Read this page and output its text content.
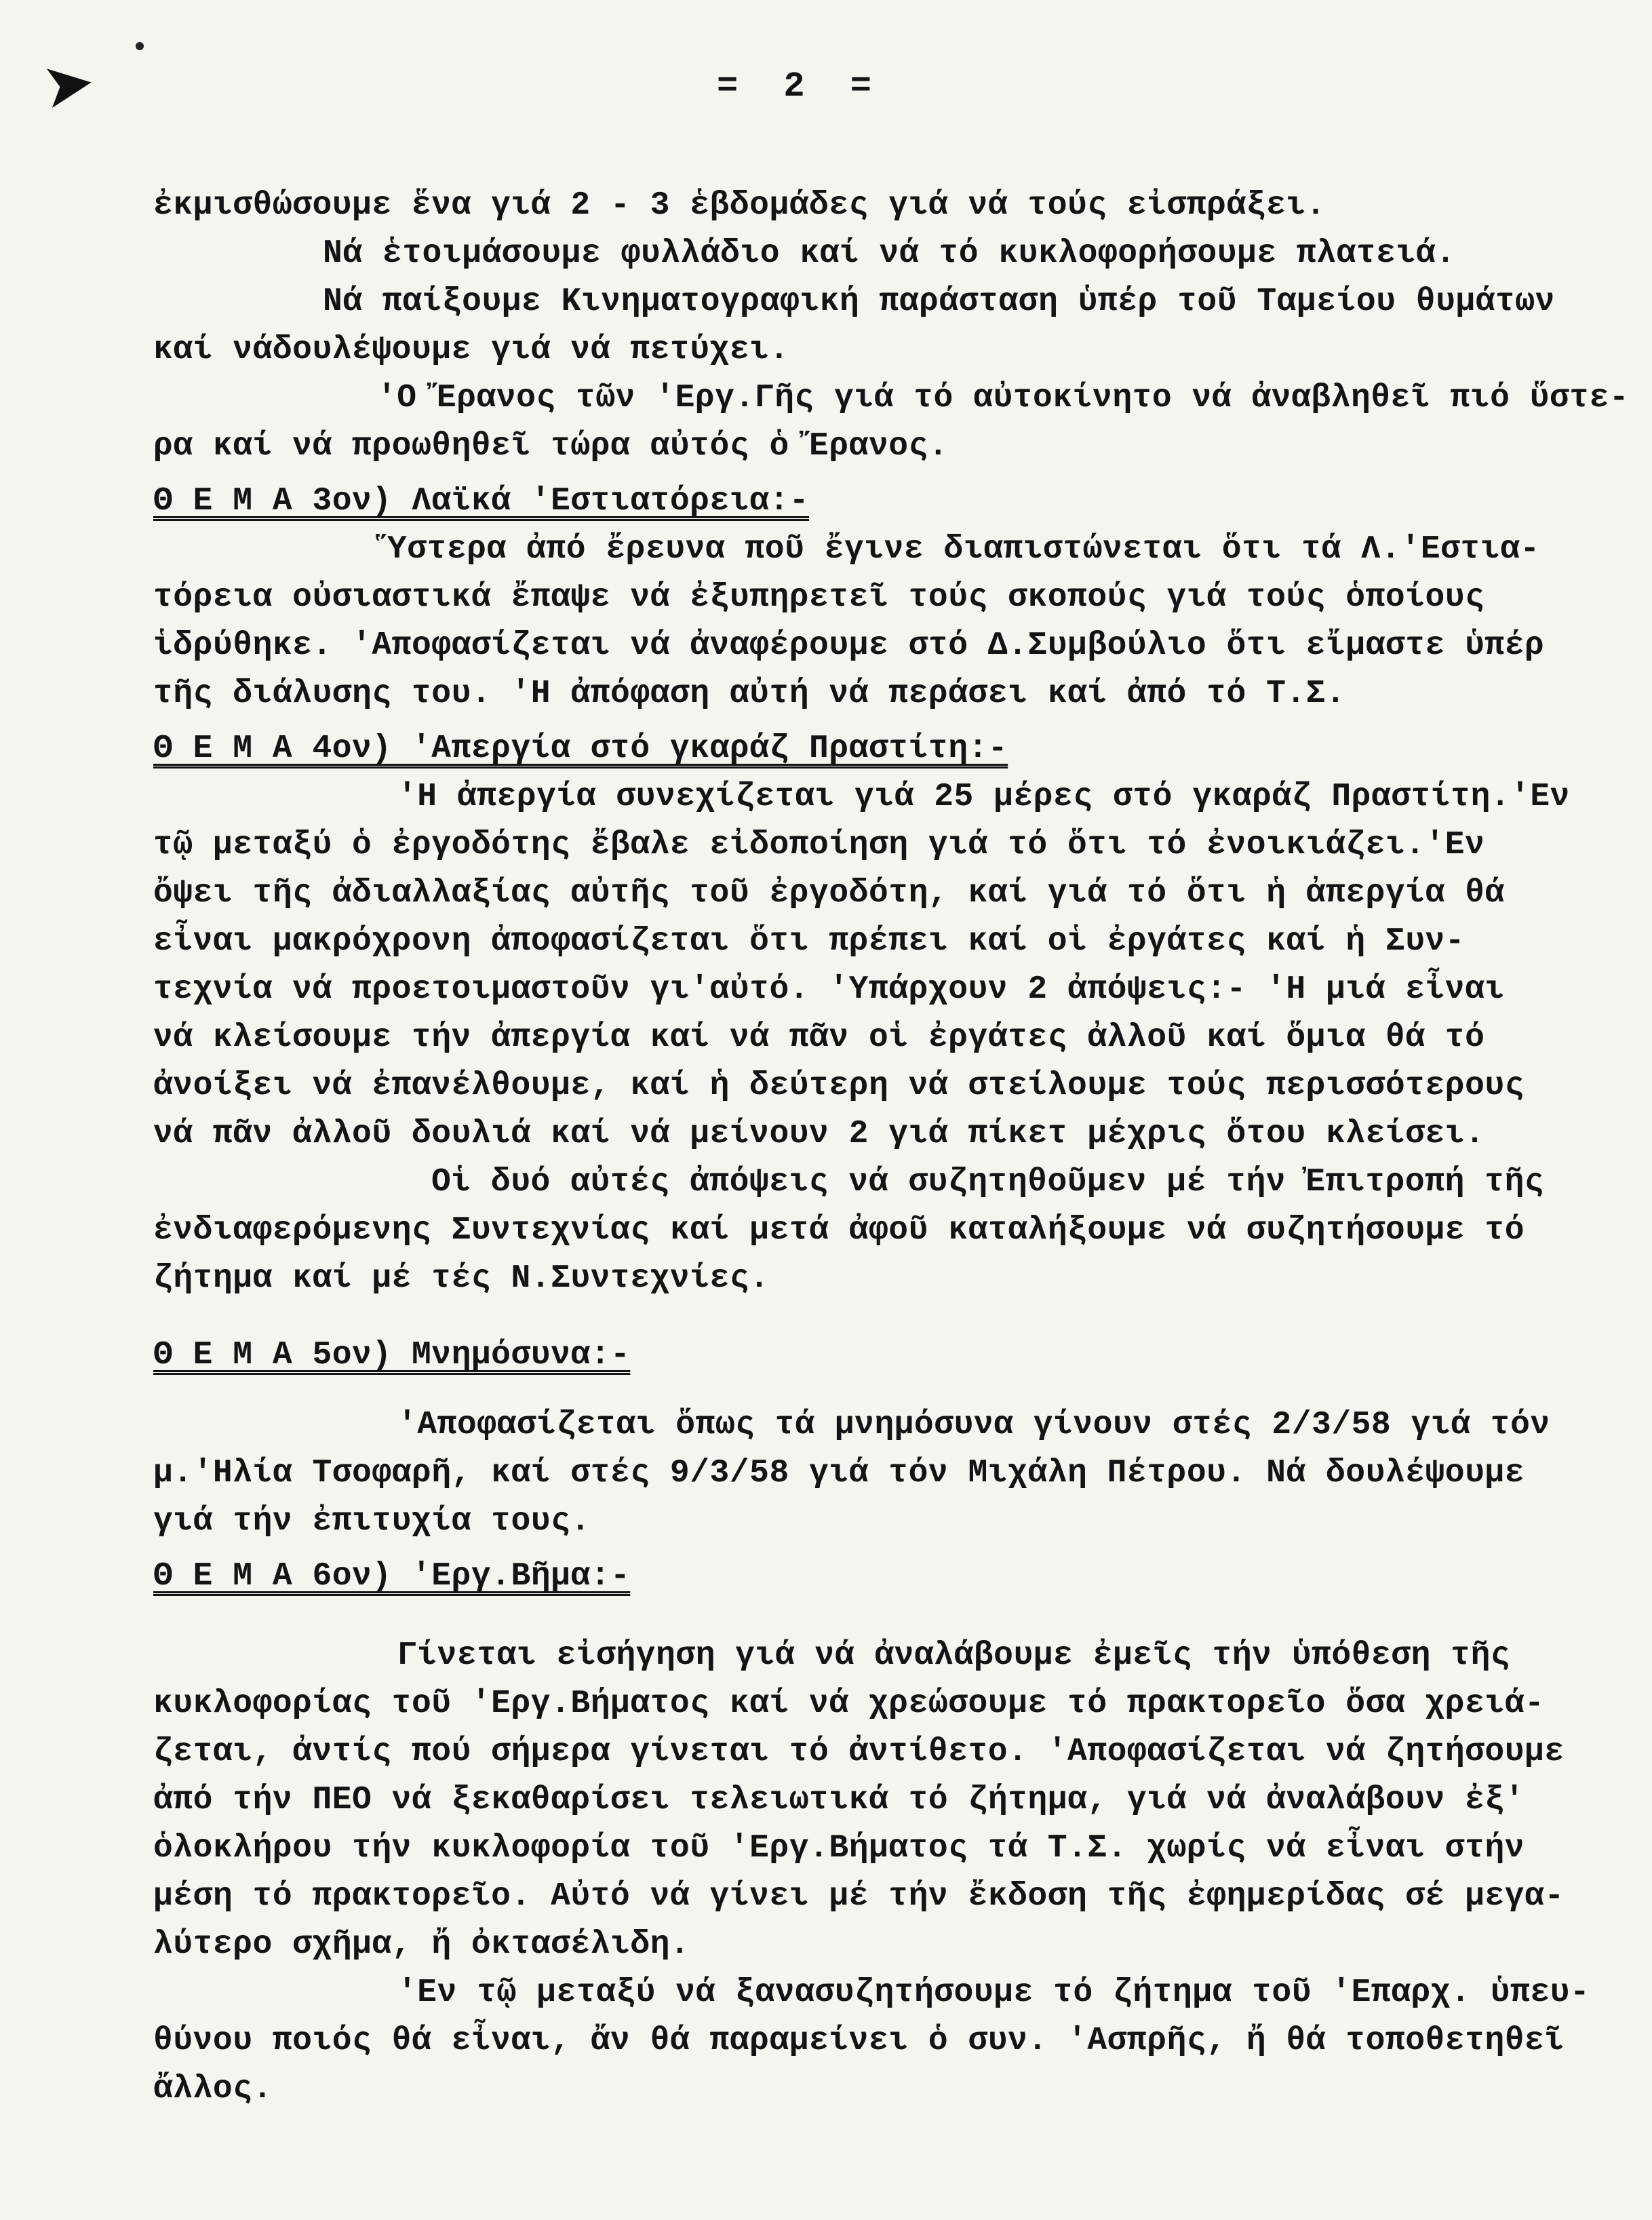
➤	= 2 =

ἐκμισθώσουμε ἕνα γιά 2 - 3 ἑβδομάδες γιά νά τούς εἰσπράξει.

Νά ἑτοιμάσουμε φυλλάδιο καί νά τό κυκλοφορήσουμε πλατειά.

Νά παίξουμε Κινηματογραφική παράσταση ὑπέρ τοῦ Ταμείου θυμάτων

καί νάδουλέψουμε γιά νά πετύχει.

'Ο Ἔρανος τῶν 'Εργ.Γῆς γιά τό αὐτοκίνητο νά ἀναβληθεῖ πιό ὕστε-

ρα καί νά προωθηθεῖ τώρα αὐτός ὁ Ἔρανος.

Θ Ε Μ Α 3ον) Λαϊκά 'Εστιατόρεια:-

Ὕστερα ἀπό ἔρευνα ποῦ ἔγινε διαπιστώνεται ὅτι τά Λ.'Εστια-

τόρεια οὐσιαστικά ἔπαψε νά ἐξυπηρετεῖ τούς σκοπούς γιά τούς ὁποίους

ἱδρύθηκε. 'Αποφασίζεται νά ἀναφέρουμε στό Δ.Συμβούλιο ὅτι εἴμαστε ὑπέρ

τῆς διάλυσης του. 'Η ἀπόφαση αὐτή νά περάσει καί ἀπό τό Τ.Σ.

Θ Ε Μ Α 4ον) 'Απεργία στό γκαράζ Πραστίτη:-

'Η ἀπεργία συνεχίζεται γιά 25 μέρες στό γκαράζ Πραστίτη.'Εν

τῷ μεταξύ ὁ ἐργοδότης ἔβαλε εἰδοποίηση γιά τό ὅτι τό ἐνοικιάζει.'Εν

ὄψει τῆς ἀδιαλλαξίας αὐτῆς τοῦ ἐργοδότη, καί γιά τό ὅτι ἡ ἀπεργία θά

εἶναι μακρόχρονη ἀποφασίζεται ὅτι πρέπει καί οἱ ἐργάτες καί ἡ Συν-

τεχνία νά προετοιμαστοῦν γι'αὐτό. 'Υπάρχουν 2 ἀπόψεις:- 'Η μιά εἶναι

νά κλείσουμε τήν ἀπεργία καί νά πᾶν οἱ ἐργάτες ἀλλοῦ καί ὅμια θά τό

ἀνοίξει νά ἐπανέλθουμε, καί ἡ δεύτερη νά στείλουμε τούς περισσότερους

νά πᾶν ἀλλοῦ δουλιά καί νά μείνουν 2 γιά πίκετ μέχρις ὅτου κλείσει.

Οἱ δυό αὐτές ἀπόψεις νά συζητηθοῦμεν μέ τήν Ἐπιτροπή τῆς

ἐνδιαφερόμενης Συντεχνίας καί μετά ἀφοῦ καταλήξουμε νά συζητήσουμε τό

ζήτημα καί μέ τές Ν.Συντεχνίες.

Θ Ε Μ Α 5ον) Μνημόσυνα:-

'Αποφασίζεται ὅπως τά μνημόσυνα γίνουν στές 2/3/58 γιά τόν

μ.'Ηλία Τσοφαρῆ, καί στές 9/3/58 γιά τόν Μιχάλη Πέτρου. Νά δουλέψουμε

γιά τήν ἐπιτυχία τους.

Θ Ε Μ Α 6ον) 'Εργ.Βῆμα:-

Γίνεται εἰσήγηση γιά νά ἀναλάβουμε ἐμεῖς τήν ὑπόθεση τῆς

κυκλοφορίας τοῦ 'Εργ.Βήματος καί νά χρεώσουμε τό πρακτορεῖο ὅσα χρειά-

ζεται, ἀντίς πού σήμερα γίνεται τό ἀντίθετο. 'Αποφασίζεται νά ζητήσουμε

ἀπό τήν ΠΕΟ νά ξεκαθαρίσει τελειωτικά τό ζήτημα, γιά νά ἀναλάβουν ἐξ'

ὁλοκλήρου τήν κυκλοφορία τοῦ 'Εργ.Βήματος τά Τ.Σ. χωρίς νά εἶναι στήν

μέση τό πρακτορεῖο. Αὐτό νά γίνει μέ τήν ἔκδοση τῆς ἐφημερίδας σέ μεγα-

λύτερο σχῆμα, ἤ ὀκτασέλιδη.

'Εν τῷ μεταξύ νά ξανασυζητήσουμε τό ζήτημα τοῦ 'Επαρχ. ὑπευ-

θύνου ποιός θά εἶναι, ἄν θά παραμείνει ὁ συν. 'Ασπρῆς, ἤ θά τοποθετηθεῖ

ἄλλος.
